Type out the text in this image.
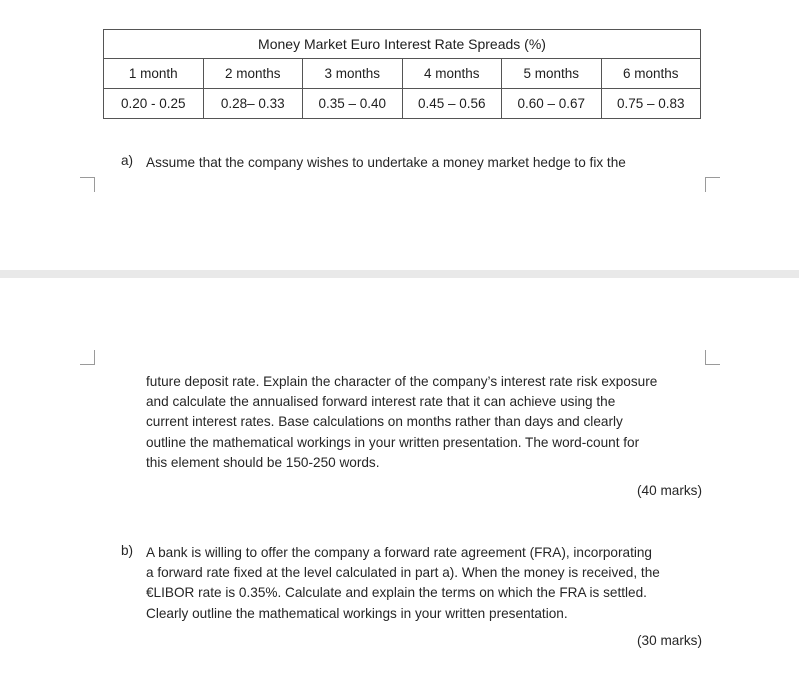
Money Market Euro Interest Rate Spreads (%)					
1 month	2 months	3 months	4 months	5 months	6 months
0.20 - 0.25	0.28– 0.33	0.35 – 0.40	0.45 – 0.56	0.60 – 0.67	0.75 – 0.83
a) Assume that the company wishes to undertake a money market hedge to fix the
future deposit rate. Explain the character of the company’s interest rate risk exposure
and calculate the annualised forward interest rate that it can achieve using the
current interest rates. Base calculations on months rather than days and clearly
outline the mathematical workings in your written presentation. The word-count for
this element should be 150-250 words.
(40 marks)
b) A bank is willing to offer the company a forward rate agreement (FRA), incorporating
a forward rate fixed at the level calculated in part a). When the money is received, the
€LIBOR rate is 0.35%. Calculate and explain the terms on which the FRA is settled.
Clearly outline the mathematical workings in your written presentation.
(30 marks)
